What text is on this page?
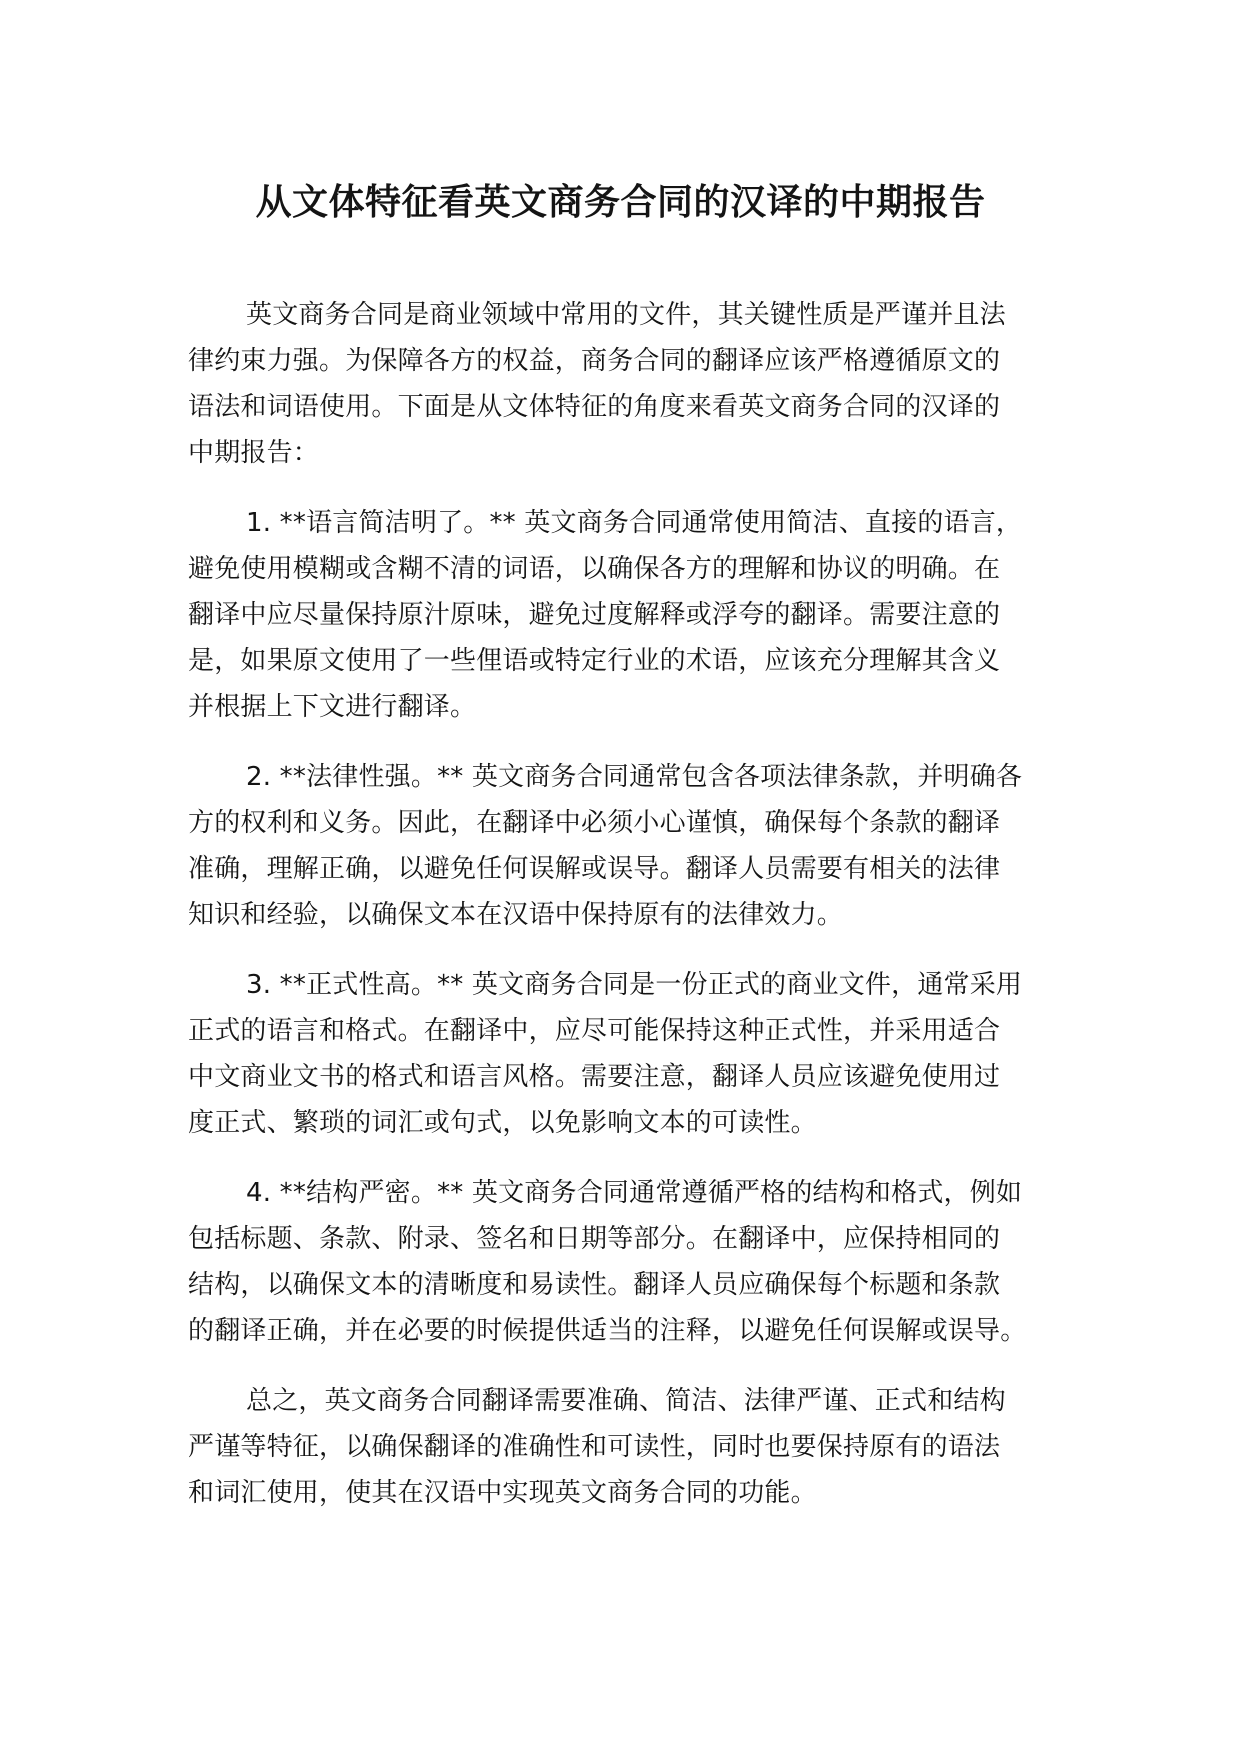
从文体特征看英文商务合同的汉译的中期报告
英文商务合同是商业领域中常用的文件，其关键性质是严谨并且法
律约束力强。为保障各方的权益，商务合同的翻译应该严格遵循原文的
语法和词语使用。下面是从文体特征的角度来看英文商务合同的汉译的
中期报告：
1. **语言简洁明了。** 英文商务合同通常使用简洁、直接的语言，
避免使用模糊或含糊不清的词语，以确保各方的理解和协议的明确。在
翻译中应尽量保持原汁原味，避免过度解释或浮夸的翻译。需要注意的
是，如果原文使用了一些俚语或特定行业的术语，应该充分理解其含义
并根据上下文进行翻译。
2. **法律性强。** 英文商务合同通常包含各项法律条款，并明确各
方的权利和义务。因此，在翻译中必须小心谨慎，确保每个条款的翻译
准确，理解正确，以避免任何误解或误导。翻译人员需要有相关的法律
知识和经验，以确保文本在汉语中保持原有的法律效力。
3. **正式性高。** 英文商务合同是一份正式的商业文件，通常采用
正式的语言和格式。在翻译中，应尽可能保持这种正式性，并采用适合
中文商业文书的格式和语言风格。需要注意，翻译人员应该避免使用过
度正式、繁琐的词汇或句式，以免影响文本的可读性。
4. **结构严密。** 英文商务合同通常遵循严格的结构和格式，例如
包括标题、条款、附录、签名和日期等部分。在翻译中，应保持相同的
结构，以确保文本的清晰度和易读性。翻译人员应确保每个标题和条款
的翻译正确，并在必要的时候提供适当的注释，以避免任何误解或误导。
总之，英文商务合同翻译需要准确、简洁、法律严谨、正式和结构
严谨等特征，以确保翻译的准确性和可读性，同时也要保持原有的语法
和词汇使用，使其在汉语中实现英文商务合同的功能。
